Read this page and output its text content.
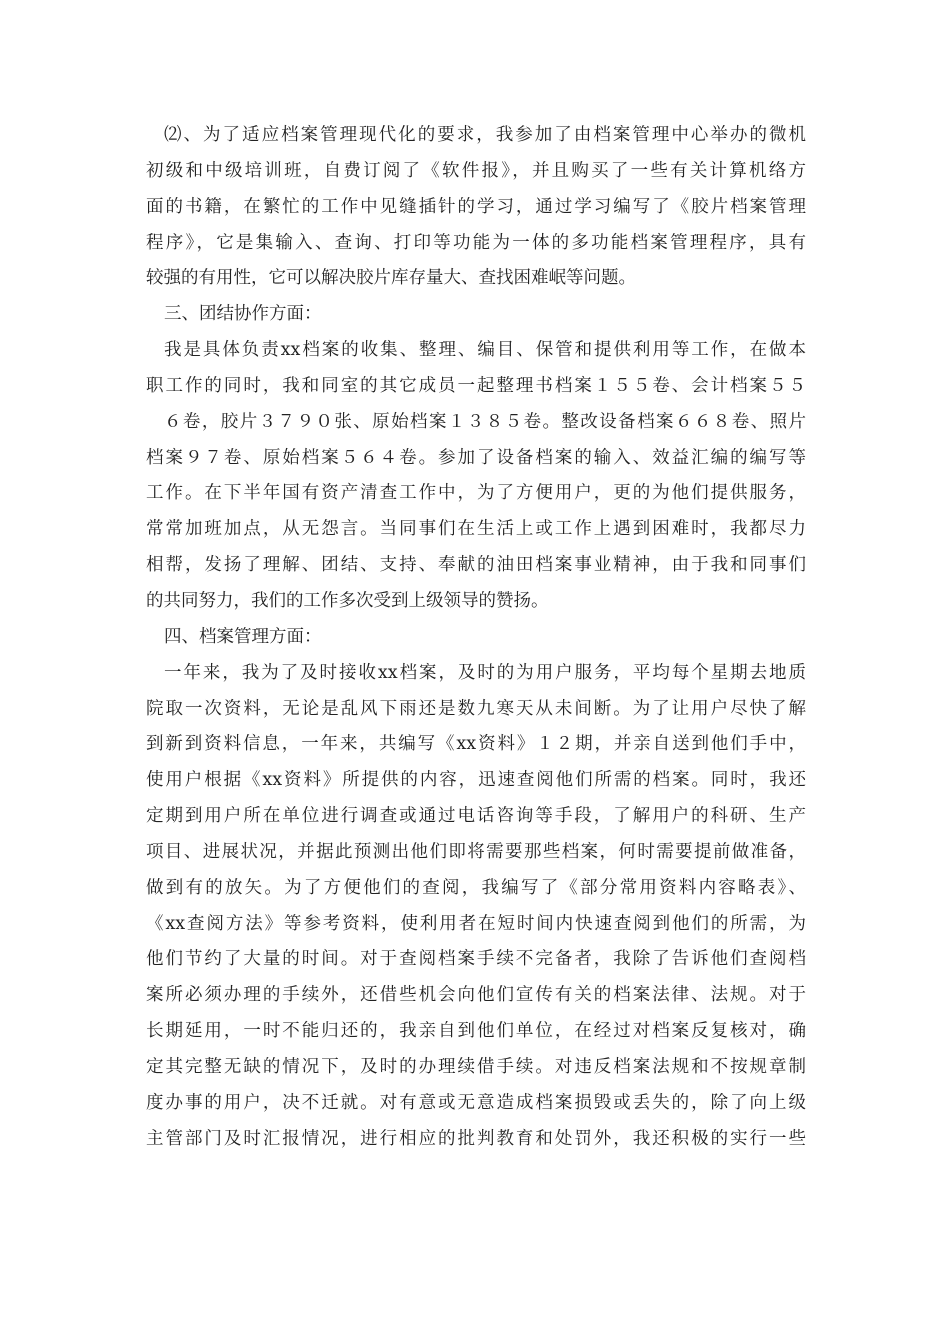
⑵、为了适应档案管理现代化的要求，我参加了由档案管理中心举办的微机
初级和中级培训班，自费订阅了《软件报》，并且购买了一些有关计算机络方
面的书籍，在繁忙的工作中见缝插针的学习，通过学习编写了《胶片档案管理
程序》，它是集输入、查询、打印等功能为一体的多功能档案管理程序，具有
较强的有用性，它可以解决胶片库存量大、查找困难岷等问题。
三、团结协作方面：
我是具体负责xx档案的收集、整理、编目、保管和提供利用等工作，在做本
职工作的同时，我和同室的其它成员一起整理书档案１５５卷、会计档案５５
６卷，胶片３７９０张、原始档案１３８５卷。整改设备档案６６８卷、照片
档案９７卷、原始档案５６４卷。参加了设备档案的输入、效益汇编的编写等
工作。在下半年国有资产清查工作中，为了方便用户，更的为他们提供服务，
常常加班加点，从无怨言。当同事们在生活上或工作上遇到困难时，我都尽力
相帮，发扬了理解、团结、支持、奉献的油田档案事业精神，由于我和同事们
的共同努力，我们的工作多次受到上级领导的赞扬。
四、档案管理方面：
一年来，我为了及时接收xx档案，及时的为用户服务，平均每个星期去地质
院取一次资料，无论是乱风下雨还是数九寒天从未间断。为了让用户尽快了解
到新到资料信息，一年来，共编写《xx资料》１２期，并亲自送到他们手中，
使用户根据《xx资料》所提供的内容，迅速查阅他们所需的档案。同时，我还
定期到用户所在单位进行调查或通过电话咨询等手段，了解用户的科研、生产
项目、进展状况，并据此预测出他们即将需要那些档案，何时需要提前做准备，
做到有的放矢。为了方便他们的查阅，我编写了《部分常用资料内容略表》、
《xx查阅方法》等参考资料，使利用者在短时间内快速查阅到他们的所需，为
他们节约了大量的时间。对于查阅档案手续不完备者，我除了告诉他们查阅档
案所必须办理的手续外，还借些机会向他们宣传有关的档案法律、法规。对于
长期延用，一时不能归还的，我亲自到他们单位，在经过对档案反复核对，确
定其完整无缺的情况下，及时的办理续借手续。对违反档案法规和不按规章制
度办事的用户，决不迁就。对有意或无意造成档案损毁或丢失的，除了向上级
主管部门及时汇报情况，进行相应的批判教育和处罚外，我还积极的实行一些
